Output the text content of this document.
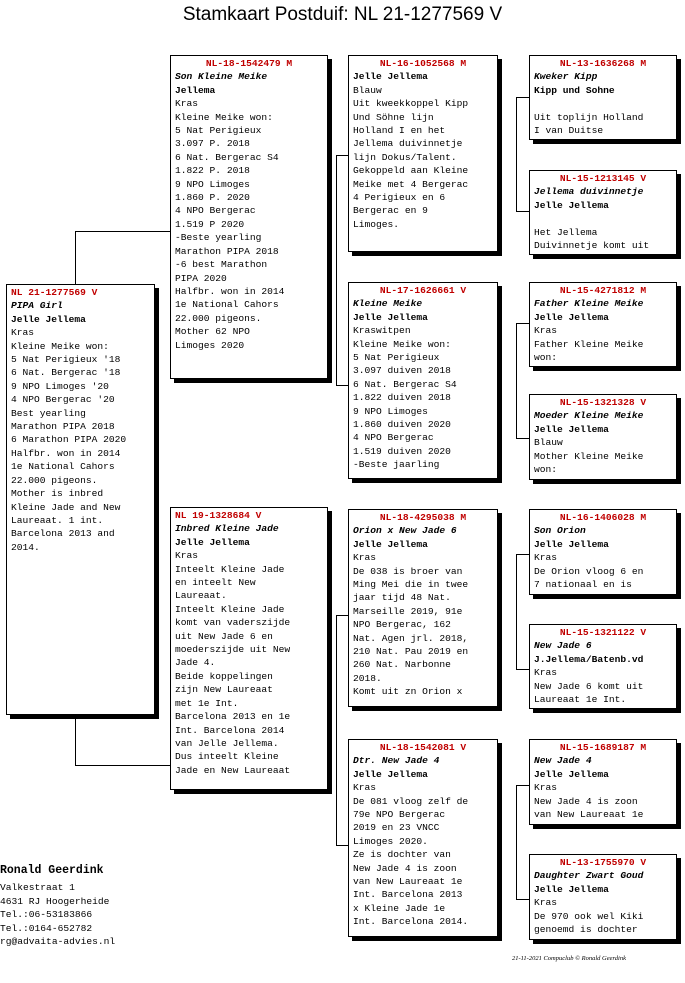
Stamkaart Postduif: NL 21-1277569 V
NL 21-1277569 V
PIPA Girl
Jelle Jellema
Kras
Kleine Meike won:
5 Nat Perigieux '18
6 Nat. Bergerac '18
9 NPO Limoges '20
4 NPO Bergerac '20
Best yearling
Marathon PIPA 2018
6 Marathon PIPA 2020
Halfbr. won in 2014
1e National Cahors
22.000 pigeons.
Mother is inbred
Kleine Jade and New
Laureaat. 1 int.
Barcelona 2013 and
2014.
NL-18-1542479 M
Son Kleine Meike
Jellema
Kras
Kleine Meike won:
5 Nat Perigieux
3.097 P. 2018
6 Nat. Bergerac S4
1.822 P. 2018
9 NPO Limoges
1.860 P. 2020
4 NPO Bergerac
1.519 P 2020
-Beste yearling
Marathon PIPA 2018
-6 best Marathon
PIPA 2020
Halfbr. won in 2014
1e National Cahors
22.000 pigeons.
Mother 62 NPO
Limoges 2020
NL 19-1328684 V
Inbred Kleine Jade
Jelle Jellema
Kras
Inteelt Kleine Jade
en inteelt New
Laureaat.
Inteelt Kleine Jade
komt van vaderszijde
uit New Jade 6 en
moederszijde uit New
Jade 4.
Beide koppelingen
zijn New Laureaat
met 1e Int.
Barcelona 2013 en 1e
Int. Barcelona 2014
van Jelle Jellema.
Dus inteelt Kleine
Jade en New Laureaat
NL-16-1052568 M
Jelle Jellema
Blauw
Uit kweekkoppel Kipp
Und Söhne lijn
Holland I en het
Jellema duivinnetje
lijn Dokus/Talent.
Gekoppeld aan Kleine
Meike met 4 Bergerac
4 Perigieux en 6
Bergerac en 9
Limoges.
NL-17-1626661 V
Kleine Meike
Jelle Jellema
Kraswitpen
Kleine Meike won:
5 Nat Perigieux
3.097 duiven 2018
6 Nat. Bergerac S4
1.822 duiven 2018
9 NPO Limoges
1.860 duiven 2020
4 NPO Bergerac
1.519 duiven 2020
-Beste jaarling
NL-18-4295038 M
Orion x New Jade 6
Jelle Jellema
Kras
De 038 is broer van
Ming Mei die in twee
jaar tijd 48 Nat.
Marseille 2019, 91e
NPO Bergerac, 162
Nat. Agen jrl. 2018,
210 Nat. Pau 2019 en
260 Nat. Narbonne
2018.
Komt uit zn Orion x
NL-18-1542081 V
Dtr. New Jade 4
Jelle Jellema
Kras
De 081 vloog zelf de
79e NPO Bergerac
2019 en 23 VNCC
Limoges 2020.
Ze is dochter van
New Jade 4 is zoon
van New Laureaat 1e
Int. Barcelona 2013
x Kleine Jade 1e
Int. Barcelona 2014.
NL-13-1636268 M
Kweker Kipp
Kipp und Sohne

Uit toplijn Holland
I van Duitse
NL-15-1213145 V
Jellema duivinnetje
Jelle Jellema

Het Jellema
Duivinnetje komt uit
NL-15-4271812 M
Father Kleine Meike
Jelle Jellema
Kras
Father Kleine Meike
won:
NL-15-1321328 V
Moeder Kleine Meike
Jelle Jellema
Blauw
Mother Kleine Meike
won:
NL-16-1406028 M
Son Orion
Jelle Jellema
Kras
De Orion vloog 6 en
7 nationaal en is
NL-15-1321122 V
New Jade 6
J.Jellema/Batenb.vd
Kras
New Jade 6 komt uit
Laureaat 1e Int.
NL-15-1689187 M
New Jade 4
Jelle Jellema
Kras
New Jade 4 is zoon
van New Laureaat 1e
NL-13-1755970 V
Daughter Zwart Goud
Jelle Jellema
Kras
De 970 ook wel Kiki
genoemd is dochter
Ronald Geerdink
Valkestraat 1
4631 RJ Hoogerheide
Tel.:06-53183866
Tel.:0164-652782
rg@advaita-advies.nl
21-11-2021 Compuclub © Ronald Geerdink
